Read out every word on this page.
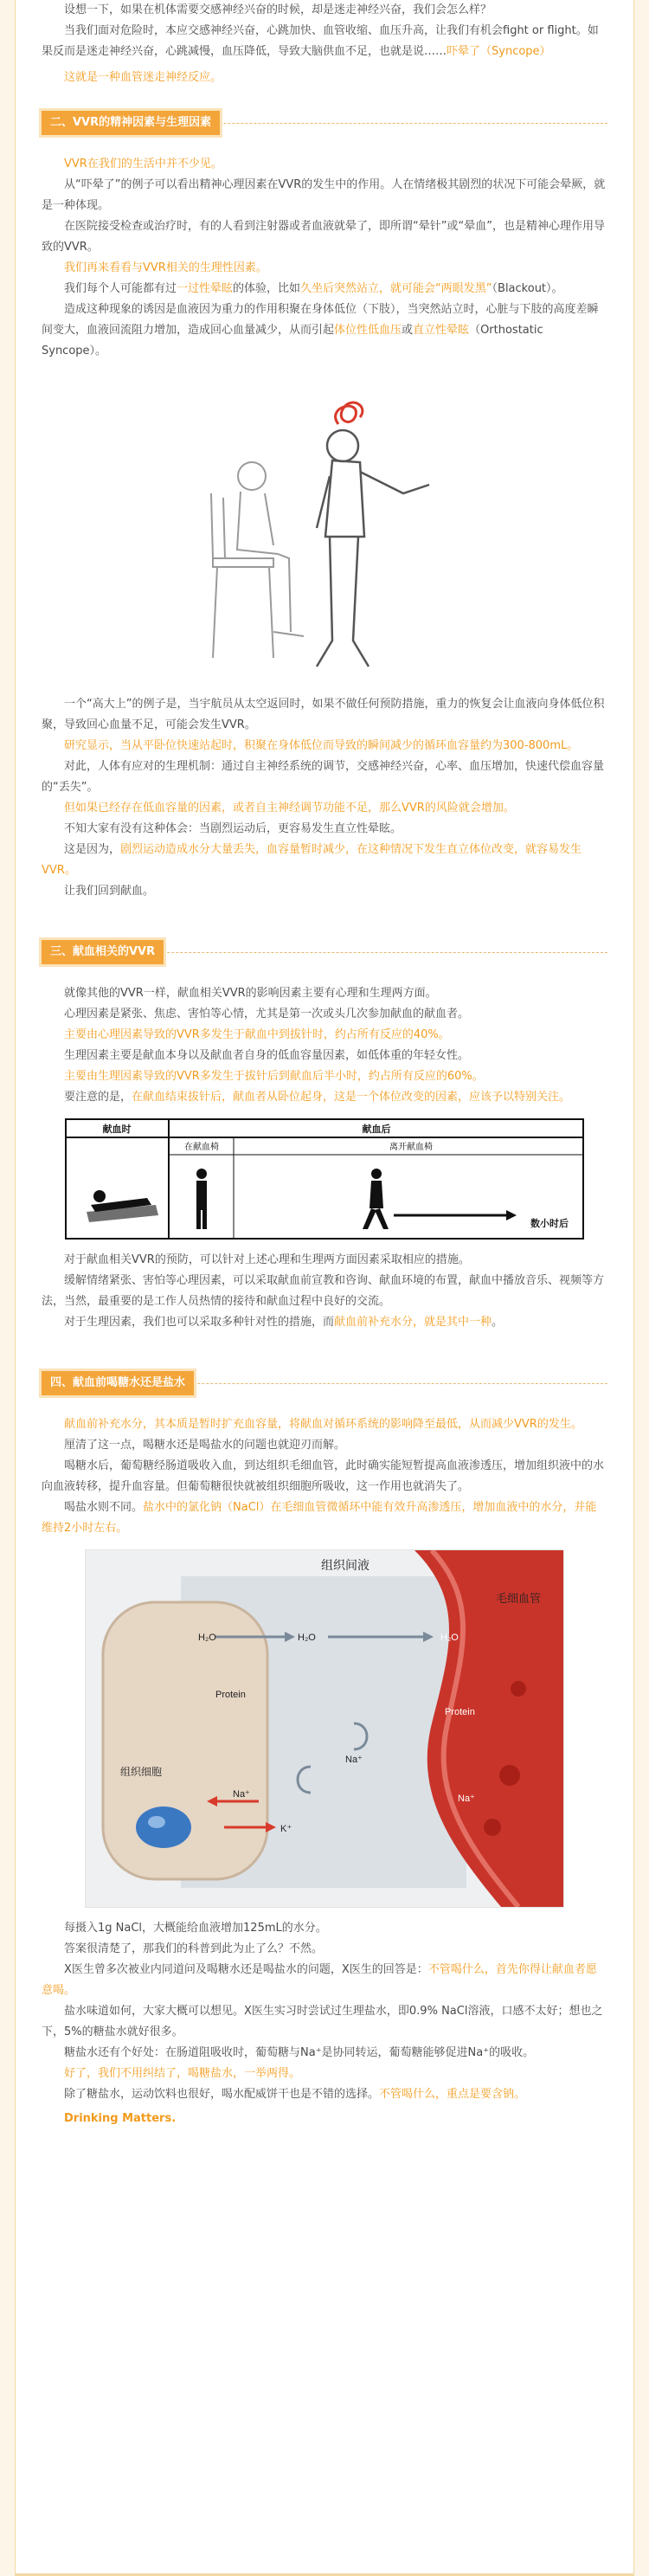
设想一下，如果在机体需要交感神经兴奋的时候，却是迷走神经兴奋，我们会怎么样？

当我们面对危险时，本应交感神经兴奋，心跳加快、血管收缩、血压升高，让我们有机会fight or flight。如果反而是迷走神经兴奋，心跳减慢，血压降低，导致大脑供血不足，也就是说……吓晕了（Syncope）

这就是一种血管迷走神经反应。

二、VVR的精神因素与生理因素

VVR在我们的生活中并不少见。

从“吓晕了”的例子可以看出精神心理因素在VVR的发生中的作用。人在情绪极其剧烈的状况下可能会晕厥，就是一种体现。

在医院接受检查或治疗时，有的人看到注射器或者血液就晕了，即所谓“晕针”或“晕血”，也是精神心理作用导致的VVR。

我们再来看看与VVR相关的生理性因素。

我们每个人可能都有过一过性晕眩的体验，比如久坐后突然站立，就可能会“两眼发黑”（Blackout）。

造成这种现象的诱因是血液因为重力的作用积聚在身体低位（下肢），当突然站立时，心脏与下肢的高度差瞬间变大，血液回流阻力增加，造成回心血量减少，从而引起体位性低血压或直立性晕眩（Orthostatic Syncope）。

一个“高大上”的例子是，当宇航员从太空返回时，如果不做任何预防措施，重力的恢复会让血液向身体低位积聚，导致回心血量不足，可能会发生VVR。

研究显示，当从平卧位快速站起时，积聚在身体低位而导致的瞬间减少的循环血容量约为300-800mL。

对此，人体有应对的生理机制：通过自主神经系统的调节，交感神经兴奋，心率、血压增加，快速代偿血容量的“丢失”。

但如果已经存在低血容量的因素，或者自主神经调节功能不足，那么VVR的风险就会增加。

不知大家有没有这种体会：当剧烈运动后，更容易发生直立性晕眩。

这是因为，剧烈运动造成水分大量丢失，血容量暂时减少，在这种情况下发生直立体位改变，就容易发生VVR。

让我们回到献血。

三、献血相关的VVR

就像其他的VVR一样，献血相关VVR的影响因素主要有心理和生理两方面。

心理因素是紧张、焦虑、害怕等心情，尤其是第一次或头几次参加献血的献血者。

主要由心理因素导致的VVR多发生于献血中到拔针时，约占所有反应的40%。

生理因素主要是献血本身以及献血者自身的低血容量因素，如低体重的年轻女性。

主要由生理因素导致的VVR多发生于拔针后到献血后半小时，约占所有反应的60%。

要注意的是，在献血结束拔针后，献血者从卧位起身，这是一个体位改变的因素，应该予以特别关注。

献血时	献血后
在献血椅	离开献血椅
数小时后

对于献血相关VVR的预防，可以针对上述心理和生理两方面因素采取相应的措施。

缓解情绪紧张、害怕等心理因素，可以采取献血前宣教和咨询、献血环境的布置，献血中播放音乐、视频等方法，当然，最重要的是工作人员热情的接待和献血过程中良好的交流。

对于生理因素，我们也可以采取多种针对性的措施，而献血前补充水分，就是其中一种。

四、献血前喝糖水还是盐水

献血前补充水分，其本质是暂时扩充血容量，将献血对循环系统的影响降至最低，从而减少VVR的发生。

厘清了这一点，喝糖水还是喝盐水的问题也就迎刃而解。

喝糖水后，葡萄糖经肠道吸收入血，到达组织毛细血管，此时确实能短暂提高血液渗透压，增加组织液中的水向血液转移，提升血容量。但葡萄糖很快就被组织细胞所吸收，这一作用也就消失了。

喝盐水则不同。盐水中的氯化钠（NaCl）在毛细血管微循环中能有效升高渗透压，增加血液中的水分，并能维持2小时左右。

组织间液
毛细血管
组织细胞
H₂O	H₂O	H₂O
Protein
Protein
Na⁺
Na⁺
Na⁺
K⁺

每摄入1g NaCl，大概能给血液增加125mL的水分。

答案很清楚了，那我们的科普到此为止了么？不然。

X医生曾多次被业内同道问及喝糖水还是喝盐水的问题，X医生的回答是：不管喝什么，首先你得让献血者愿意喝。

盐水味道如何，大家大概可以想见。X医生实习时尝试过生理盐水，即0.9% NaCl溶液，口感不太好；想也之下，5%的糖盐水就好很多。

糖盐水还有个好处：在肠道阻吸收时，葡萄糖与Na⁺是协同转运，葡萄糖能够促进Na⁺的吸收。

好了，我们不用纠结了，喝糖盐水，一举两得。

除了糖盐水，运动饮料也很好，喝水配威饼干也是不错的选择。不管喝什么，重点是要含钠。

Drinking Matters.
